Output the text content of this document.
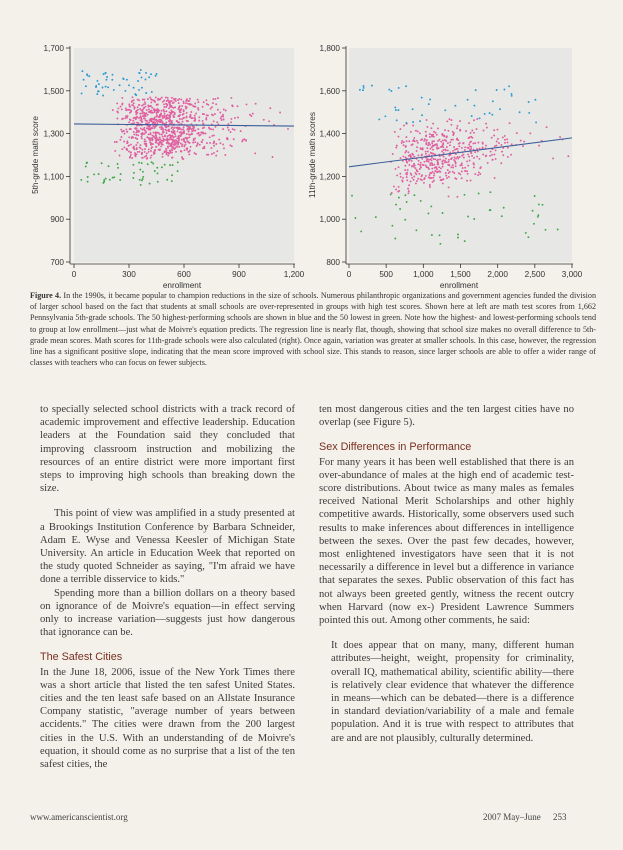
700
900
1,100
1,300
1,500
1,700
0	300	600	900	1,200
enrollment
5th-grade math score
800
1,000
1,200
1,400
1,600
1,800
0	500 1,000 1,500 2,000 2,500 3,000
enrollment
11th-grade math scores
Figure 4. In the 1990s, it became popular to champion reductions in the size of schools. Numerous philanthropic organizations and government agencies funded the division of larger school based on the fact that students at small schools are over-represented in groups with high test scores. Shown here at left are math test scores from 1,662 Pennsylvania 5th-grade schools. The 50 highest-performing schools are shown in blue and the 50 lowest in green. Note how the highest- and lowest-performing schools tend to group at low enrollment—just what de Moivre's equation predicts. The regression line is nearly flat, though, showing that school size makes no overall difference to 5th-grade mean scores. Math scores for 11th-grade schools were also calculated (right). Once again, variation was greater at smaller schools. In this case, however, the regression line has a significant positive slope, indicating that the mean score improved with school size. This stands to reason, since larger schools are able to offer a wider range of classes with teachers who can focus on fewer subjects.

to specially selected school districts with a track record of academic improvement and effective leadership. Education leaders at the Foundation said they concluded that improving classroom instruction and mobilizing the resources of an entire district were more important first steps to improving high schools than breaking down the size.

This point of view was amplified in a study presented at a Brookings Institution Conference by Barbara Schneider, Adam E. Wyse and Venessa Keesler of Michigan State University. An article in Education Week that reported on the study quoted Schneider as saying, "I'm afraid we have done a terrible disservice to kids."

Spending more than a billion dollars on a theory based on ignorance of de Moivre's equation—in effect serving only to increase variation—suggests just how dangerous that ignorance can be.

The Safest Cities

In the June 18, 2006, issue of the New York Times there was a short article that listed the ten safest United States. cities and the ten least safe based on an Allstate Insurance Company statistic, "average number of years between accidents." The cities were drawn from the 200 largest cities in the U.S. With an understanding of de Moivre's equation, it should come as no surprise that a list of the ten safest cities, the

ten most dangerous cities and the ten largest cities have no overlap (see Figure 5).

Sex Differences in Performance

For many years it has been well established that there is an over-abundance of males at the high end of academic test-score distributions. About twice as many males as females received National Merit Scholarships and other highly competitive awards. Historically, some observers used such results to make inferences about differences in intelligence between the sexes. Over the past few decades, however, most enlightened investigators have seen that it is not necessarily a difference in level but a difference in variance that separates the sexes. Public observation of this fact has not always been greeted gently, witness the recent outcry when Harvard (now ex-) President Lawrence Summers pointed this out. Among other comments, he said:

It does appear that on many, many, different human attributes—height, weight, propensity for criminality, overall IQ, mathematical ability, scientific ability—there is relatively clear evidence that whatever the difference in means—which can be debated—there is a difference in standard deviation/variability of a male and female population. And it is true with respect to attributes that are and are not plausibly, culturally determined.

www.americanscientist.org	2007 May–June 253
